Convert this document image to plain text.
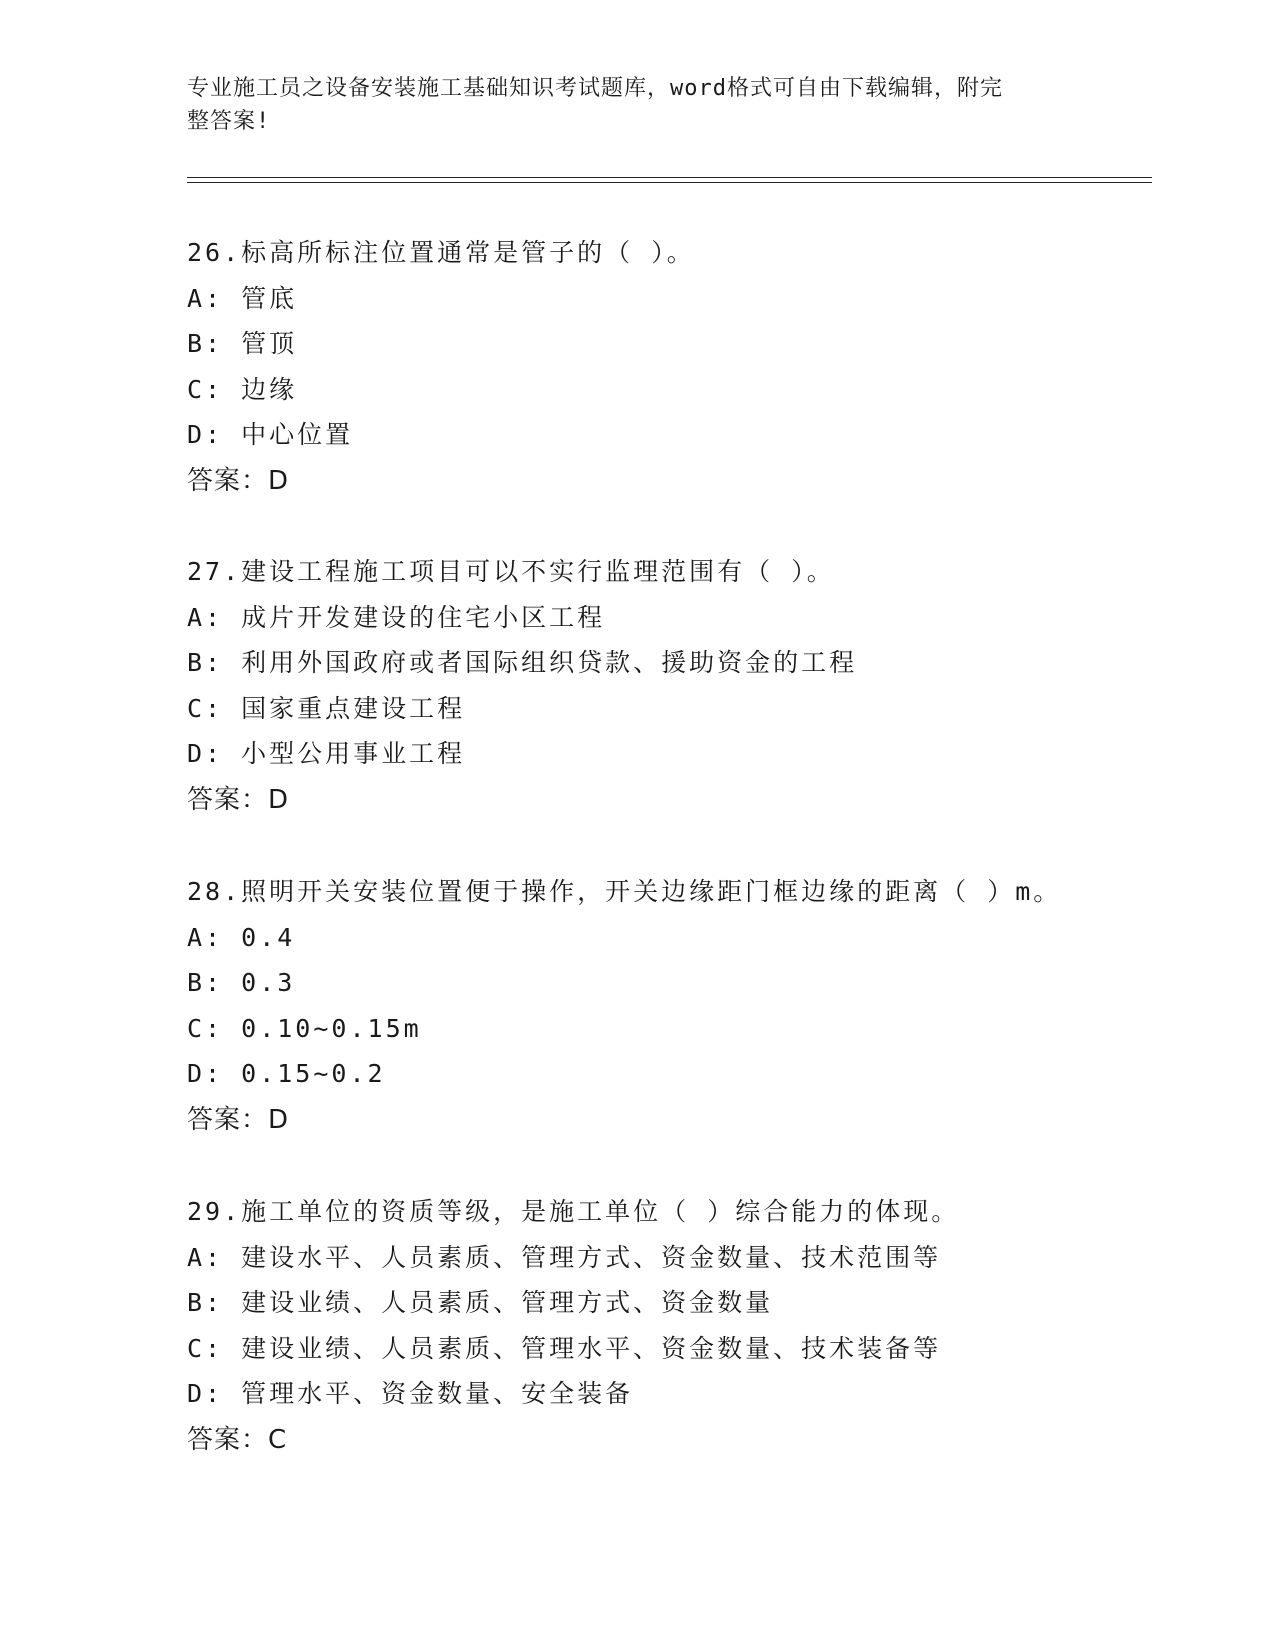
专业施工员之设备安装施工基础知识考试题库，word格式可自由下载编辑，附完
整答案!
26.标高所标注位置通常是管子的（ ）。
A: 管底
B: 管顶
C: 边缘
D: 中心位置
答案：D
27.建设工程施工项目可以不实行监理范围有（ ）。
A: 成片开发建设的住宅小区工程
B: 利用外国政府或者国际组织贷款、援助资金的工程
C: 国家重点建设工程
D: 小型公用事业工程
答案：D
28.照明开关安装位置便于操作，开关边缘距门框边缘的距离（ ）m。
A: 0.4
B: 0.3
C: 0.10~0.15m
D: 0.15~0.2
答案：D
29.施工单位的资质等级，是施工单位（ ）综合能力的体现。
A: 建设水平、人员素质、管理方式、资金数量、技术范围等
B: 建设业绩、人员素质、管理方式、资金数量
C: 建设业绩、人员素质、管理水平、资金数量、技术装备等
D: 管理水平、资金数量、安全装备
答案：C
